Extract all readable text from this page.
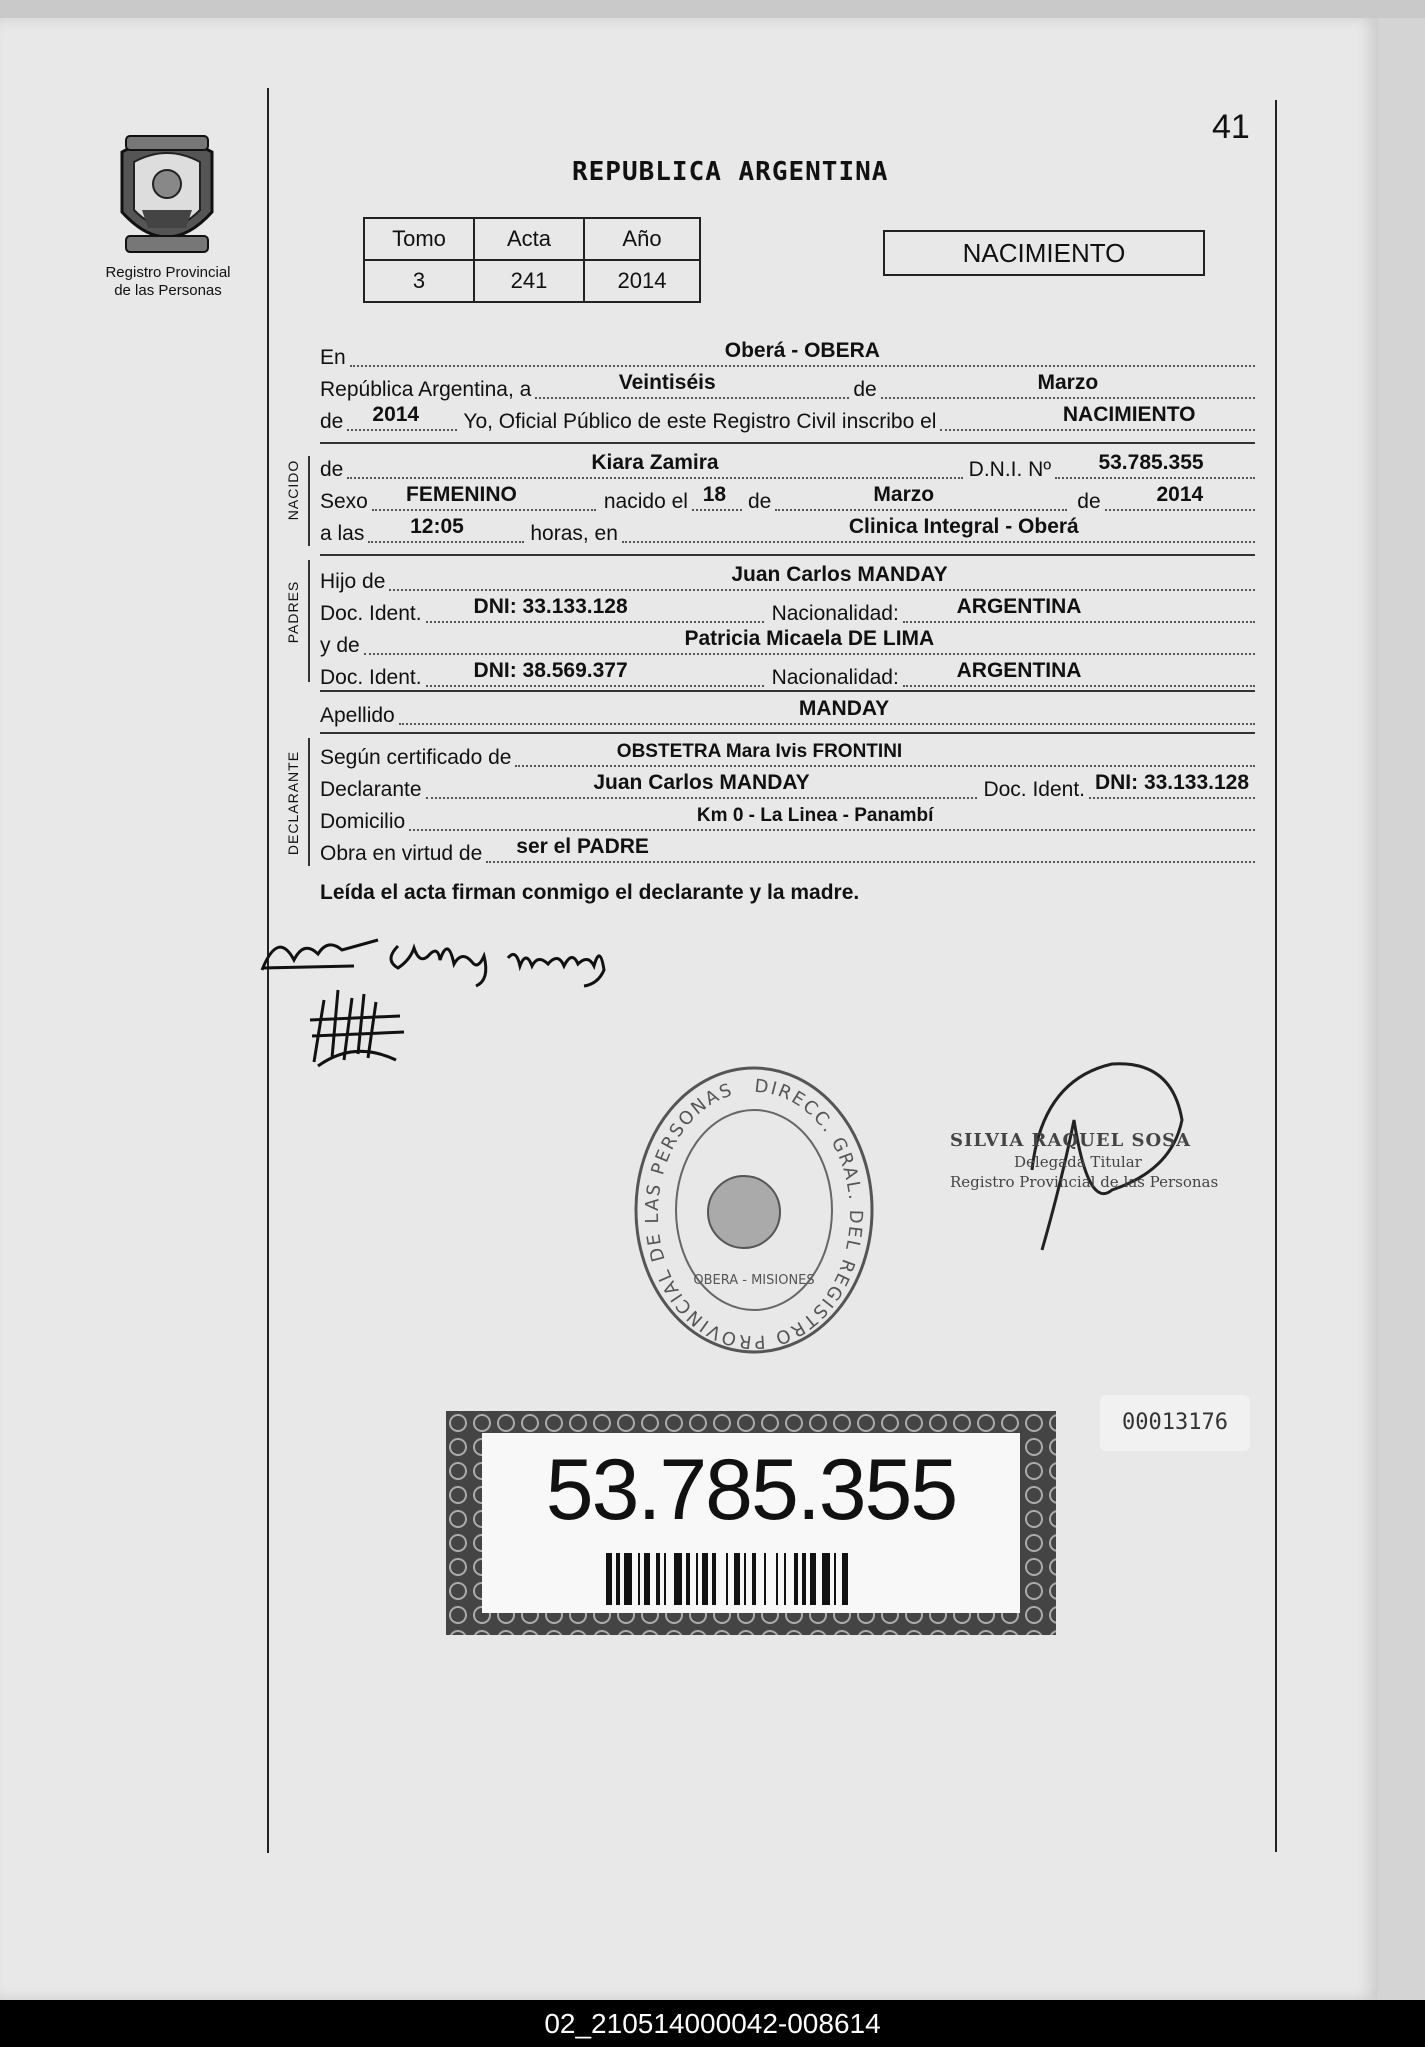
41
Registro Provincial
de las Personas
REPUBLICA ARGENTINA
Tomo	Acta	Año
3	241	2014
NACIMIENTO
En	Oberá - OBERA
República Argentina, a	Veintiséis	de	Marzo
de 2014 Yo, Oficial Público de este Registro Civil inscribo el	NACIMIENTO
de	Kiara Zamira	D.N.I. Nº 53.785.355
Sexo FEMENINO	nacido el 18 de	Marzo	de	2014
a las 12:05	horas, en	Clinica Integral - Oberá
Hijo de	Juan Carlos MANDAY
Doc. Ident. DNI: 33.133.128	Nacionalidad:	ARGENTINA
y de	Patricia Micaela DE LIMA
Doc. Ident. DNI: 38.569.377	Nacionalidad:	ARGENTINA
Apellido	MANDAY
Según certificado de	OBSTETRA Mara Ivis FRONTINI
Declarante	Juan Carlos MANDAY	Doc. Ident. DNI: 33.133.128
Domicilio	Km 0 - La Linea - Panambí
Obra en virtud de ser el PADRE
NACIDO
PADRES
DECLARANTE
Leída el acta firman conmigo el declarante y la madre.
DIRECC. GRAL. DEL REGISTRO PROVINCIAL DE LAS PERSONAS
OBERA - MISIONES
SILVIA RAQUEL SOSA
Delegada Titular
Registro Provincial de las Personas
00013176
53.785.355
02_210514000042-008614
